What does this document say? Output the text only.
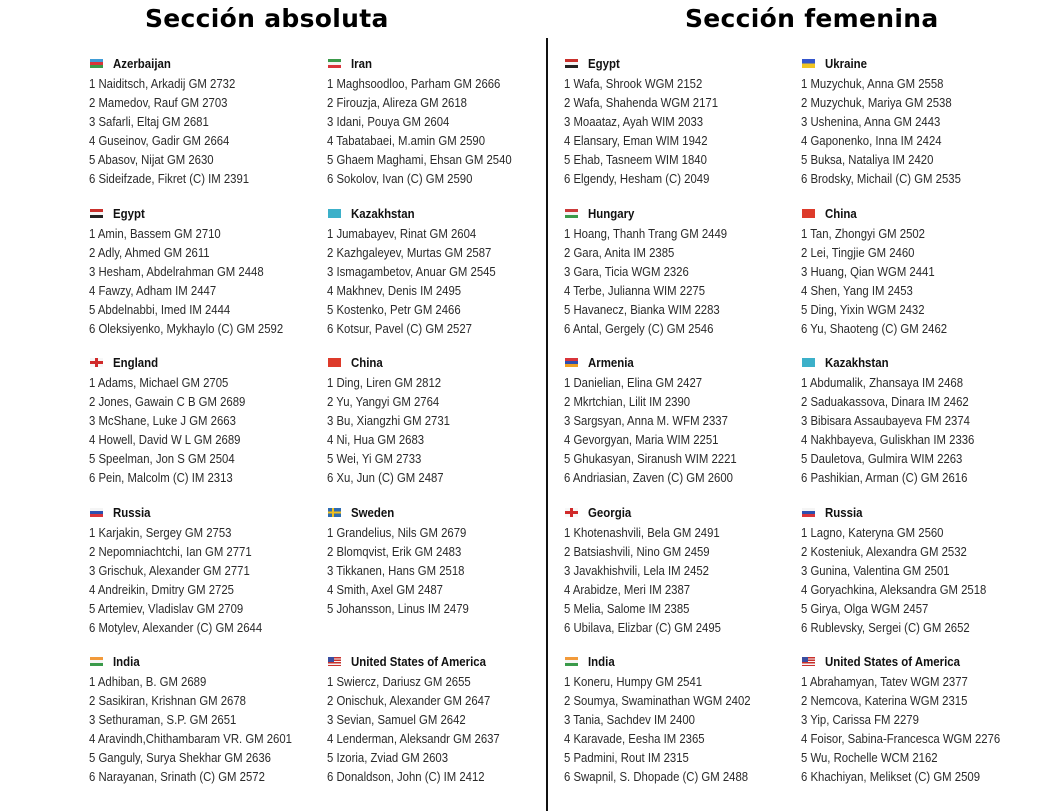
Sección absoluta	Sección femenina
Azerbaijan
1 Naiditsch, Arkadij GM 2732
2 Mamedov, Rauf GM 2703
3 Safarli, Eltaj GM 2681
4 Guseinov, Gadir GM 2664
5 Abasov, Nijat GM 2630
6 Sideifzade, Fikret (C) IM 2391
Egypt
1 Amin, Bassem GM 2710
2 Adly, Ahmed GM 2611
3 Hesham, Abdelrahman GM 2448
4 Fawzy, Adham IM 2447
5 Abdelnabbi, Imed IM 2444
6 Oleksiyenko, Mykhaylo (C) GM 2592
England
1 Adams, Michael GM 2705
2 Jones, Gawain C B GM 2689
3 McShane, Luke J GM 2663
4 Howell, David W L GM 2689
5 Speelman, Jon S GM 2504
6 Pein, Malcolm (C) IM 2313
Russia
1 Karjakin, Sergey GM 2753
2 Nepomniachtchi, Ian GM 2771
3 Grischuk, Alexander GM 2771
4 Andreikin, Dmitry GM 2725
5 Artemiev, Vladislav GM 2709
6 Motylev, Alexander (C) GM 2644
India
1 Adhiban, B. GM 2689
2 Sasikiran, Krishnan GM 2678
3 Sethuraman, S.P. GM 2651
4 Aravindh,Chithambaram VR. GM 2601
5 Ganguly, Surya Shekhar GM 2636
6 Narayanan, Srinath (C) GM 2572
Iran
1 Maghsoodloo, Parham GM 2666
2 Firouzja, Alireza GM 2618
3 Idani, Pouya GM 2604
4 Tabatabaei, M.amin GM 2590
5 Ghaem Maghami, Ehsan GM 2540
6 Sokolov, Ivan (C) GM 2590
Kazakhstan
1 Jumabayev, Rinat GM 2604
2 Kazhgaleyev, Murtas GM 2587
3 Ismagambetov, Anuar GM 2545
4 Makhnev, Denis IM 2495
5 Kostenko, Petr GM 2466
6 Kotsur, Pavel (C) GM 2527
China
1 Ding, Liren GM 2812
2 Yu, Yangyi GM 2764
3 Bu, Xiangzhi GM 2731
4 Ni, Hua GM 2683
5 Wei, Yi GM 2733
6 Xu, Jun (C) GM 2487
Sweden
1 Grandelius, Nils GM 2679
2 Blomqvist, Erik GM 2483
3 Tikkanen, Hans GM 2518
4 Smith, Axel GM 2487
5 Johansson, Linus IM 2479
United States of America
1 Swiercz, Dariusz GM 2655
2 Onischuk, Alexander GM 2647
3 Sevian, Samuel GM 2642
4 Lenderman, Aleksandr GM 2637
5 Izoria, Zviad GM 2603
6 Donaldson, John (C) IM 2412
Egypt
1 Wafa, Shrook WGM 2152
2 Wafa, Shahenda WGM 2171
3 Moaataz, Ayah WIM 2033
4 Elansary, Eman WIM 1942
5 Ehab, Tasneem WIM 1840
6 Elgendy, Hesham (C) 2049
Hungary
1 Hoang, Thanh Trang GM 2449
2 Gara, Anita IM 2385
3 Gara, Ticia WGM 2326
4 Terbe, Julianna WIM 2275
5 Havanecz, Bianka WIM 2283
6 Antal, Gergely (C) GM 2546
Armenia
1 Danielian, Elina GM 2427
2 Mkrtchian, Lilit IM 2390
3 Sargsyan, Anna M. WFM 2337
4 Gevorgyan, Maria WIM 2251
5 Ghukasyan, Siranush WIM 2221
6 Andriasian, Zaven (C) GM 2600
Georgia
1 Khotenashvili, Bela GM 2491
2 Batsiashvili, Nino GM 2459
3 Javakhishvili, Lela IM 2452
4 Arabidze, Meri IM 2387
5 Melia, Salome IM 2385
6 Ubilava, Elizbar (C) GM 2495
India
1 Koneru, Humpy GM 2541
2 Soumya, Swaminathan WGM 2402
3 Tania, Sachdev IM 2400
4 Karavade, Eesha IM 2365
5 Padmini, Rout IM 2315
6 Swapnil, S. Dhopade (C) GM 2488
Ukraine
1 Muzychuk, Anna GM 2558
2 Muzychuk, Mariya GM 2538
3 Ushenina, Anna GM 2443
4 Gaponenko, Inna IM 2424
5 Buksa, Nataliya IM 2420
6 Brodsky, Michail (C) GM 2535
China
1 Tan, Zhongyi GM 2502
2 Lei, Tingjie GM 2460
3 Huang, Qian WGM 2441
4 Shen, Yang IM 2453
5 Ding, Yixin WGM 2432
6 Yu, Shaoteng (C) GM 2462
Kazakhstan
1 Abdumalik, Zhansaya IM 2468
2 Saduakassova, Dinara IM 2462
3 Bibisara Assaubayeva FM 2374
4 Nakhbayeva, Guliskhan IM 2336
5 Dauletova, Gulmira WIM 2263
6 Pashikian, Arman (C) GM 2616
Russia
1 Lagno, Kateryna GM 2560
2 Kosteniuk, Alexandra GM 2532
3 Gunina, Valentina GM 2501
4 Goryachkina, Aleksandra GM 2518
5 Girya, Olga WGM 2457
6 Rublevsky, Sergei (C) GM 2652
United States of America
1 Abrahamyan, Tatev WGM 2377
2 Nemcova, Katerina WGM 2315
3 Yip, Carissa FM 2279
4 Foisor, Sabina-Francesca WGM 2276
5 Wu, Rochelle WCM 2162
6 Khachiyan, Melikset (C) GM 2509
